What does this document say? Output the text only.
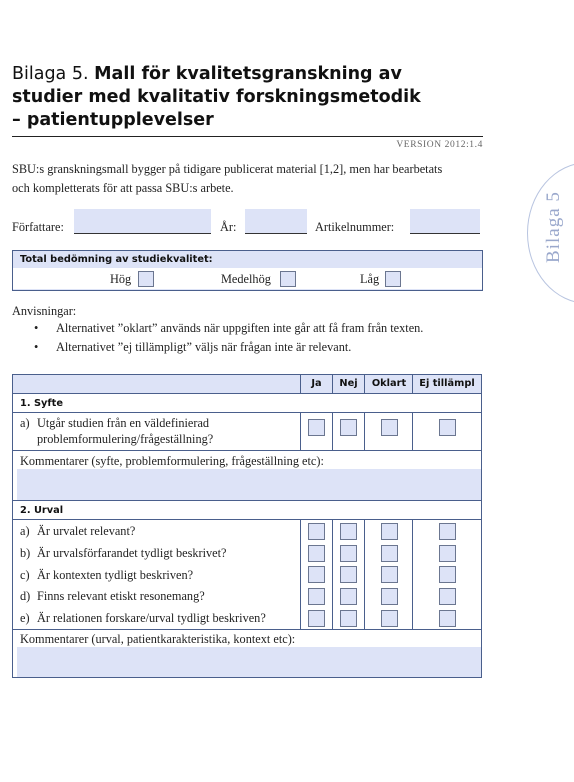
Bilaga 5. Mall för kvalitetsgranskning av
studier med kvalitativ forskningsmetodik
– patientupplevelser
VERSION 2012:1.4
SBU:s granskningsmall bygger på tidigare publicerat material [1,2], men har bearbetats
och kompletterats för att passa SBU:s arbete.
Författare:	År:	Artikelnummer:
Total bedömning av studiekvalitet:
Hög	Medelhög	Låg
Anvisningar:
• Alternativet ”oklart” används när uppgiften inte går att få fram från texten.
• Alternativet ”ej tillämpligt” väljs när frågan inte är relevant.
Ja	Nej	Oklart	Ej tillämpl
1. Syfte
a) Utgår studien från en väldefinierad
problemformulering/frågeställning?
Kommentarer (syfte, problemformulering, frågeställning etc):
2. Urval
a) Är urvalet relevant?
b) Är urvalsförfarandet tydligt beskrivet?
c) Är kontexten tydligt beskriven?
d) Finns relevant etiskt resonemang?
e) Är relationen forskare/urval tydligt beskriven?
Kommentarer (urval, patientkarakteristika, kontext etc):
Bilaga 5
